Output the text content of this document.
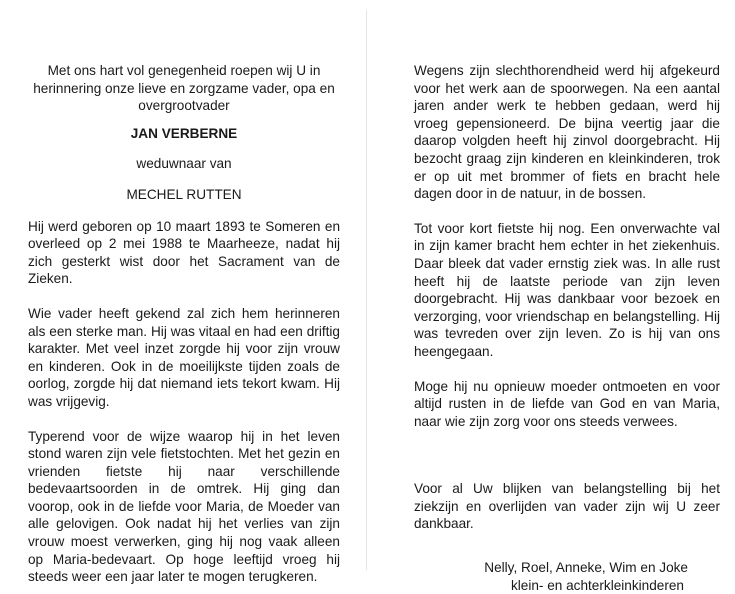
Met ons hart vol genegenheid roepen wij U in herinnering onze lieve en zorgzame vader, opa en overgrootvader

JAN VERBERNE

weduwnaar van

MECHEL RUTTEN

Hij werd geboren op 10 maart 1893 te Someren en overleed op 2 mei 1988 te Maarheeze, nadat hij zich gesterkt wist door het Sacrament van de Zieken.

Wie vader heeft gekend zal zich hem herinneren als een sterke man. Hij was vitaal en had een driftig karakter. Met veel inzet zorgde hij voor zijn vrouw en kinderen. Ook in de moeilijkste tijden zoals de oorlog, zorgde hij dat niemand iets tekort kwam. Hij was vrijgevig.

Typerend voor de wijze waarop hij in het leven stond waren zijn vele fietstochten. Met het gezin en vrienden fietste hij naar verschillende bedevaartsoorden in de omtrek. Hij ging dan voorop, ook in de liefde voor Maria, de Moeder van alle gelovigen. Ook nadat hij het verlies van zijn vrouw moest verwerken, ging hij nog vaak alleen op Maria-bedevaart. Op hoge leeftijd vroeg hij steeds weer een jaar later te mogen terugkeren.

Wegens zijn slechthorendheid werd hij afgekeurd voor het werk aan de spoorwegen. Na een aantal jaren ander werk te hebben gedaan, werd hij vroeg gepensioneerd. De bijna veertig jaar die daarop volgden heeft hij zinvol doorgebracht. Hij bezocht graag zijn kinderen en kleinkinderen, trok er op uit met brommer of fiets en bracht hele dagen door in de natuur, in de bossen.

Tot voor kort fietste hij nog. Een onverwachte val in zijn kamer bracht hem echter in het ziekenhuis. Daar bleek dat vader ernstig ziek was. In alle rust heeft hij de laatste periode van zijn leven doorgebracht. Hij was dankbaar voor bezoek en verzorging, voor vriendschap en belangstelling. Hij was tevreden over zijn leven. Zo is hij van ons heengegaan.

Moge hij nu opnieuw moeder ontmoeten en voor altijd rusten in de liefde van God en van Maria, naar wie zijn zorg voor ons steeds verwees.

Voor al Uw blijken van belangstelling bij het ziekzijn en overlijden van vader zijn wij U zeer dankbaar.

Nelly, Roel, Anneke, Wim en Joke

klein- en achterkleinkinderen
